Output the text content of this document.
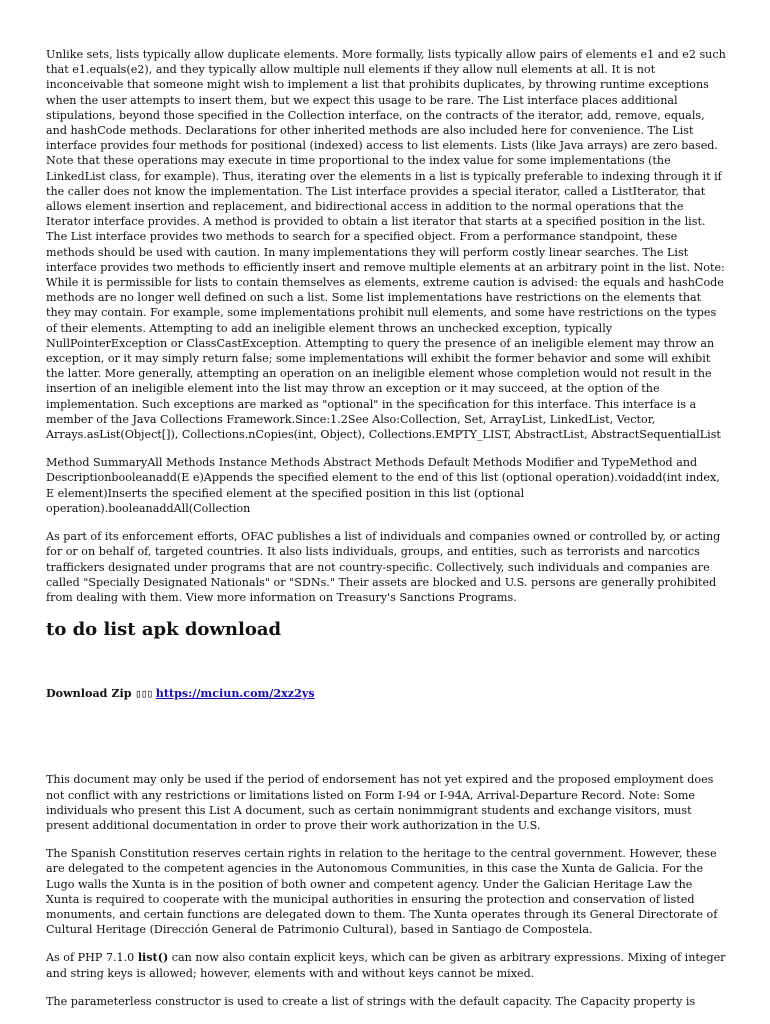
Unlike sets, lists typically allow duplicate elements. More formally, lists typically allow pairs of elements e1 and e2 such that e1.equals(e2), and they typically allow multiple null elements if they allow null elements at all. It is not inconceivable that someone might wish to implement a list that prohibits duplicates, by throwing runtime exceptions when the user attempts to insert them, but we expect this usage to be rare. The List interface places additional stipulations, beyond those specified in the Collection interface, on the contracts of the iterator, add, remove, equals, and hashCode methods. Declarations for other inherited methods are also included here for convenience. The List interface provides four methods for positional (indexed) access to list elements. Lists (like Java arrays) are zero based. Note that these operations may execute in time proportional to the index value for some implementations (the LinkedList class, for example). Thus, iterating over the elements in a list is typically preferable to indexing through it if the caller does not know the implementation. The List interface provides a special iterator, called a ListIterator, that allows element insertion and replacement, and bidirectional access in addition to the normal operations that the Iterator interface provides. A method is provided to obtain a list iterator that starts at a specified position in the list. The List interface provides two methods to search for a specified object. From a performance standpoint, these methods should be used with caution. In many implementations they will perform costly linear searches. The List interface provides two methods to efficiently insert and remove multiple elements at an arbitrary point in the list. Note: While it is permissible for lists to contain themselves as elements, extreme caution is advised: the equals and hashCode methods are no longer well defined on such a list. Some list implementations have restrictions on the elements that they may contain. For example, some implementations prohibit null elements, and some have restrictions on the types of their elements. Attempting to add an ineligible element throws an unchecked exception, typically NullPointerException or ClassCastException. Attempting to query the presence of an ineligible element may throw an exception, or it may simply return false; some implementations will exhibit the former behavior and some will exhibit the latter. More generally, attempting an operation on an ineligible element whose completion would not result in the insertion of an ineligible element into the list may throw an exception or it may succeed, at the option of the implementation. Such exceptions are marked as "optional" in the specification for this interface. This interface is a member of the Java Collections Framework.Since:1.2See Also:Collection, Set, ArrayList, LinkedList, Vector, Arrays.asList(Object[]), Collections.nCopies(int, Object), Collections.EMPTY_LIST, AbstractList, AbstractSequentialList

Method SummaryAll Methods Instance Methods Abstract Methods Default Methods Modifier and TypeMethod and Descriptionbooleanadd(E e)Appends the specified element to the end of this list (optional operation).voidadd(int index, E element)Inserts the specified element at the specified position in this list (optional operation).booleanaddAll(Collection

As part of its enforcement efforts, OFAC publishes a list of individuals and companies owned or controlled by, or acting for or on behalf of, targeted countries. It also lists individuals, groups, and entities, such as terrorists and narcotics traffickers designated under programs that are not country-specific. Collectively, such individuals and companies are called "Specially Designated Nationals" or "SDNs." Their assets are blocked and U.S. persons are generally prohibited from dealing with them. View more information on Treasury's Sanctions Programs.

to do list apk download

Download Zip ▯▯▯ https://mciun.com/2xz2ys

This document may only be used if the period of endorsement has not yet expired and the proposed employment does not conflict with any restrictions or limitations listed on Form I-94 or I-94A, Arrival-Departure Record. Note: Some individuals who present this List A document, such as certain nonimmigrant students and exchange visitors, must present additional documentation in order to prove their work authorization in the U.S.

The Spanish Constitution reserves certain rights in relation to the heritage to the central government. However, these are delegated to the competent agencies in the Autonomous Communities, in this case the Xunta de Galicia. For the Lugo walls the Xunta is in the position of both owner and competent agency. Under the Galician Heritage Law the Xunta is required to cooperate with the municipal authorities in ensuring the protection and conservation of listed monuments, and certain functions are delegated down to them. The Xunta operates through its General Directorate of Cultural Heritage (Dirección General de Patrimonio Cultural), based in Santiago de Compostela.

As of PHP 7.1.0 list() can now also contain explicit keys, which can be given as arbitrary expressions. Mixing of integer and string keys is allowed; however, elements with and without keys cannot be mixed.

The parameterless constructor is used to create a list of strings with the default capacity. The Capacity property is
